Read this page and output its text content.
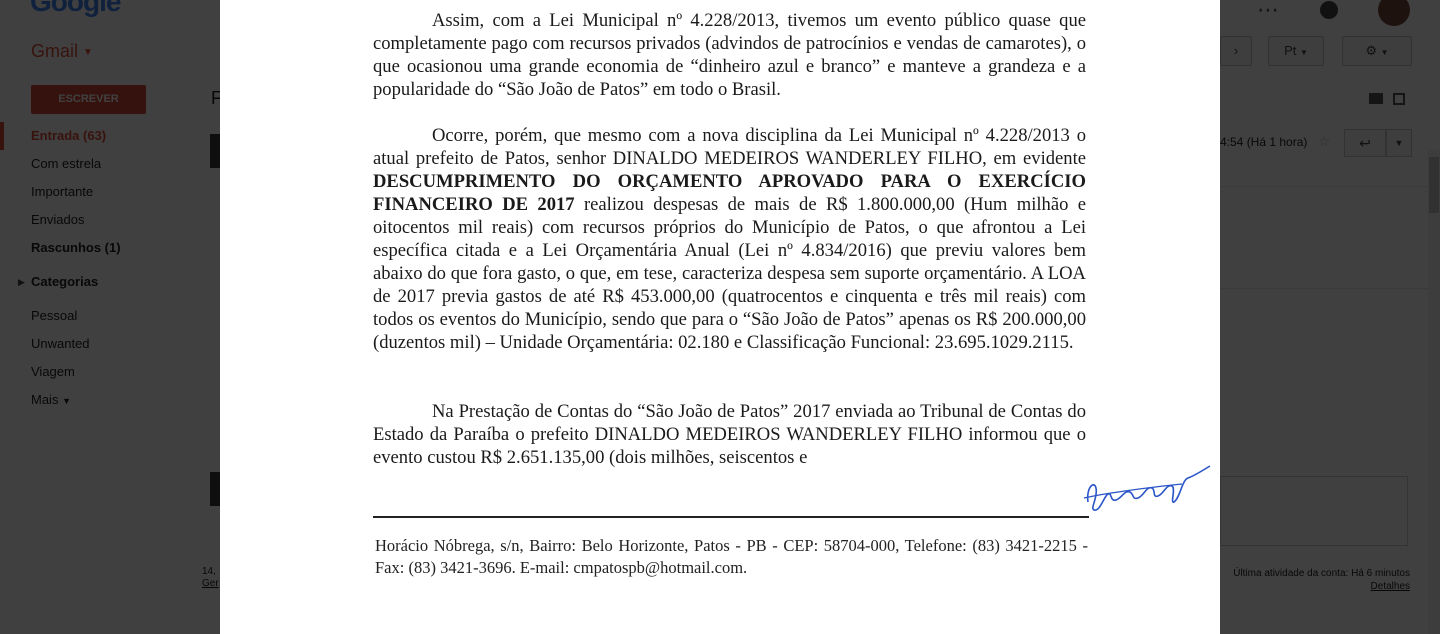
Assim, com a Lei Municipal nº 4.228/2013, tivemos um evento público quase que completamente pago com recursos privados (advindos de patrocínios e vendas de camarotes), o que ocasionou uma grande economia de “dinheiro azul e branco” e manteve a grandeza e a popularidade do “São João de Patos” em todo o Brasil.

Ocorre, porém, que mesmo com a nova disciplina da Lei Municipal nº 4.228/2013 o atual prefeito de Patos, senhor DINALDO MEDEIROS WANDERLEY FILHO, em evidente DESCUMPRIMENTO DO ORÇAMENTO APROVADO PARA O EXERCÍCIO FINANCEIRO DE 2017 realizou despesas de mais de R$ 1.800.000,00 (Hum milhão e oitocentos mil reais) com recursos próprios do Município de Patos, o que afrontou a Lei específica citada e a Lei Orçamentária Anual (Lei nº 4.834/2016) que previu valores bem abaixo do que fora gasto, o que, em tese, caracteriza despesa sem suporte orçamentário. A LOA de 2017 previa gastos de até R$ 453.000,00 (quatrocentos e cinquenta e três mil reais) com todos os eventos do Município, sendo que para o “São João de Patos” apenas os R$ 200.000,00 (duzentos mil) – Unidade Orçamentária: 02.180 e Classificação Funcional: 23.695.1029.2115.

Na Prestação de Contas do “São João de Patos” 2017 enviada ao Tribunal de Contas do Estado da Paraíba o prefeito DINALDO MEDEIROS WANDERLEY FILHO informou que o evento custou R$ 2.651.135,00 (dois milhões, seiscentos e

Horácio Nóbrega, s/n, Bairro: Belo Horizonte, Patos - PB - CEP: 58704-000, Telefone: (83) 3421-2215 - Fax: (83) 3421-3696. E-mail: cmpatospb@hotmail.com.
